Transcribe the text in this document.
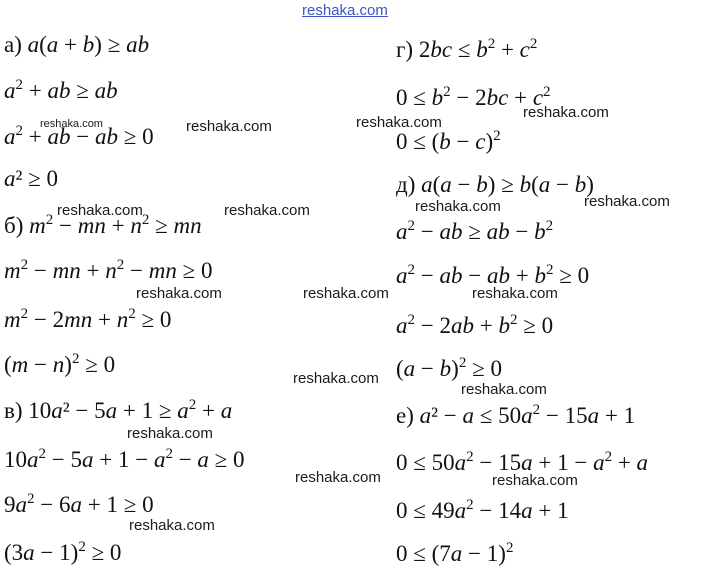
reshaka.com
а) a(a + b) ≥ ab
$a^2$ + ab ≥ ab
$a^2$ + ab − ab ≥ 0
a² ≥ 0
б) $m^2$ − mn + $n^2$ ≥ mn
$m^2$ − mn + $n^2$ − mn ≥ 0
$m^2 - 2mn + n^2 \ge 0$
$(m - n)^2 \ge 0$
в) $10a^2 - 5a + 1 \ge a^2 + a$
$10a^2 - 5a + 1 - a^2 - a \ge 0$
$9a^2 - 6a + 1 \ge 0$
$(3a - 1)^2 \ge 0$
г) $2bc \le b^2 + c^2$
$0 \le b^2 - 2bc + c^2$
$0 \le (b - c)^2$
д) a(a − b) ≥ b(a − b)
$a^2$ − ab ≥ ab − $b^2$
$a^2$ − ab − ab + $b^2 \ge 0$
$a^2 - 2ab + b^2 \ge 0$
$(a - b)^2 \ge 0$
е) $a^2 - a \le 50a^2 - 15a + 1$
$0 \le 50a^2 - 15a + 1 - a^2 + a$
$0 \le 49a^2 - 14a + 1$
$0 \le (7a - 1)^2$
reshaka.com	reshaka.com	reshaka.com
reshaka.com
reshaka.com	reshaka.com
reshaka.com	reshaka.com
reshaka.com	reshaka.com	reshaka.com
reshaka.com
reshaka.com
reshaka.com
reshaka.com	reshaka.com
reshaka.com
